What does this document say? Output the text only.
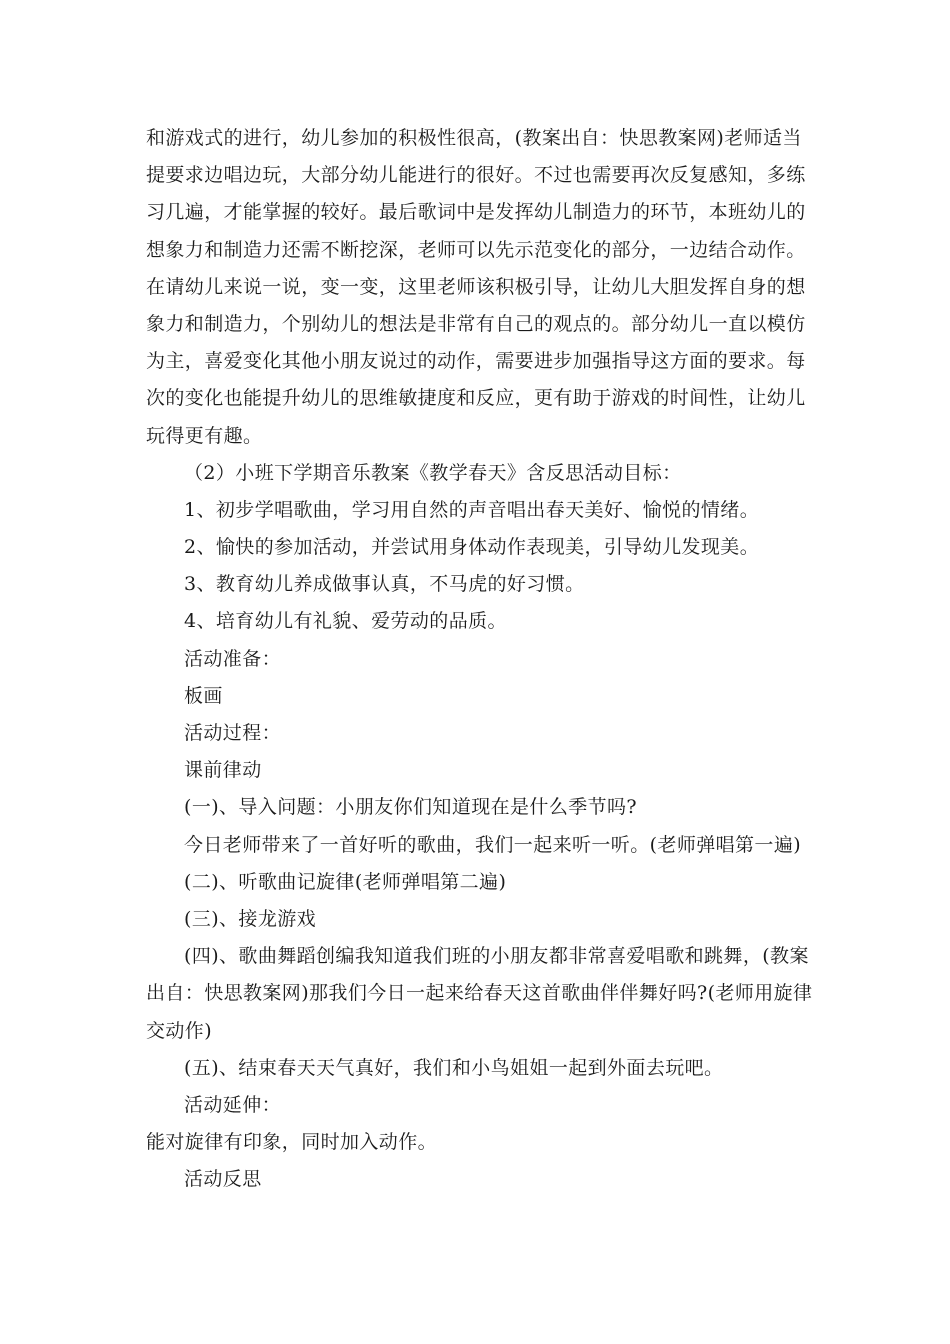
和游戏式的进行，幼儿参加的积极性很高，(教案出自：快思教案网)老师适当
提要求边唱边玩，大部分幼儿能进行的很好。不过也需要再次反复感知，多练
习几遍，才能掌握的较好。最后歌词中是发挥幼儿制造力的环节，本班幼儿的
想象力和制造力还需不断挖深，老师可以先示范变化的部分，一边结合动作。
在请幼儿来说一说，变一变，这里老师该积极引导，让幼儿大胆发挥自身的想
象力和制造力，个别幼儿的想法是非常有自己的观点的。部分幼儿一直以模仿
为主，喜爱变化其他小朋友说过的动作，需要进步加强指导这方面的要求。每
次的变化也能提升幼儿的思维敏捷度和反应，更有助于游戏的时间性，让幼儿
玩得更有趣。
（2）小班下学期音乐教案《教学春天》含反思活动目标：
1、初步学唱歌曲，学习用自然的声音唱出春天美好、愉悦的情绪。
2、愉快的参加活动，并尝试用身体动作表现美，引导幼儿发现美。
3、教育幼儿养成做事认真，不马虎的好习惯。
4、培育幼儿有礼貌、爱劳动的品质。
活动准备：
板画
活动过程：
课前律动
(一)、导入问题：小朋友你们知道现在是什么季节吗?
今日老师带来了一首好听的歌曲，我们一起来听一听。(老师弹唱第一遍)
(二)、听歌曲记旋律(老师弹唱第二遍)
(三)、接龙游戏
(四)、歌曲舞蹈创编我知道我们班的小朋友都非常喜爱唱歌和跳舞，(教案
出自：快思教案网)那我们今日一起来给春天这首歌曲伴伴舞好吗?(老师用旋律
交动作)
(五)、结束春天天气真好，我们和小鸟姐姐一起到外面去玩吧。
活动延伸：
能对旋律有印象，同时加入动作。
活动反思
